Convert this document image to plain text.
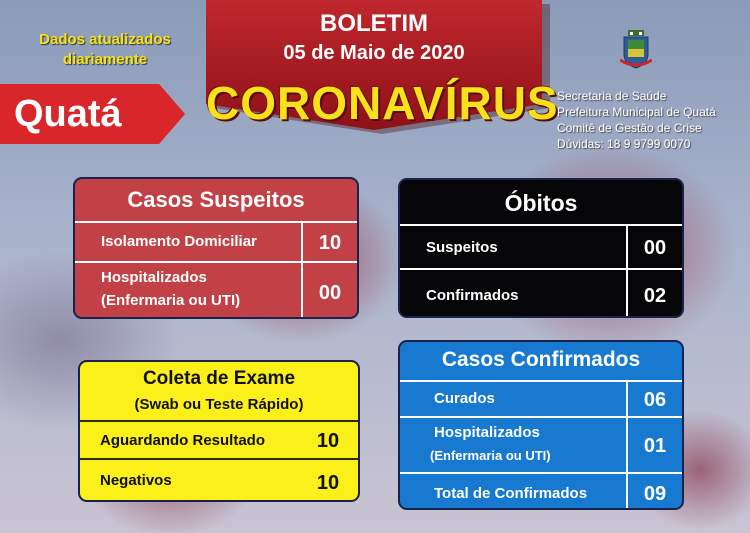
Dados atualizados
diariamente
Quatá
BOLETIM
05 de Maio de 2020
CORONAVÍRUS
Secretaria de Saúde
Prefeitura Municipal de Quatá
Comitê de Gestão de Crise
Dúvidas: 18 9 9799 0070
Casos Suspeitos
Isolamento Domiciliar	10
Hospitalizados
(Enfermaria ou UTI)	00
Óbitos
Suspeitos	00
Confirmados	02
Coleta de Exame
(Swab ou Teste Rápido)
Aguardando Resultado	10
Negativos	10
Casos Confirmados
Curados	06
Hospitalizados
(Enfermaria ou UTI)	01
Total de Confirmados	09
